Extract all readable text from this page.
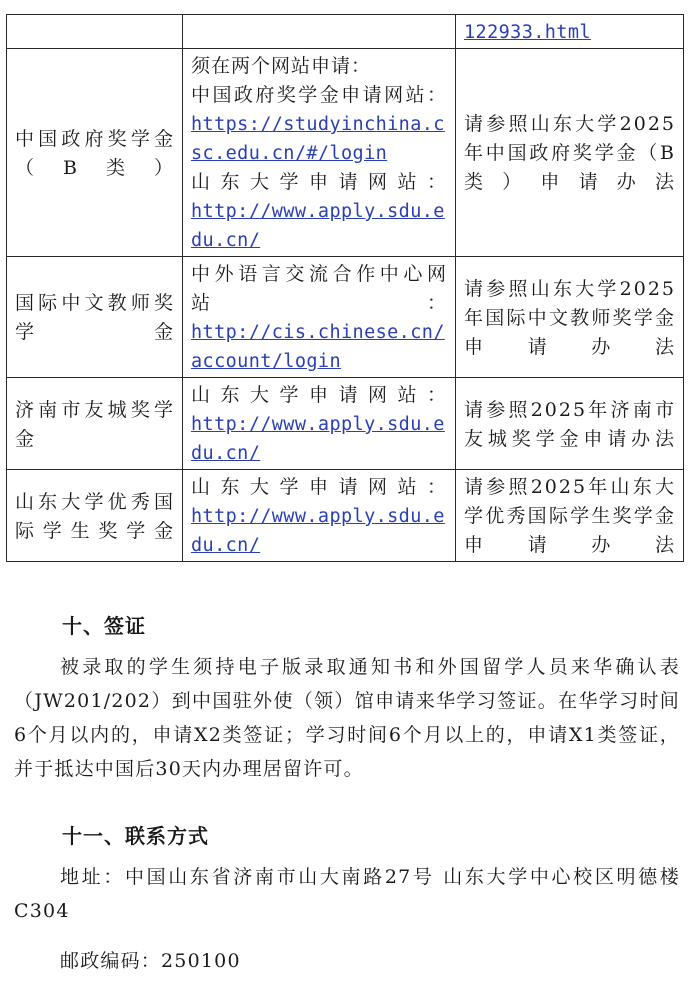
		122933.html

中国政府奖学金（B类）	须在两个网站申请：
中国政府奖学金申请网站：
https://studyinchina.csc.edu.cn/#/login
山东大学申请网站：
http://www.apply.sdu.edu.cn/	请参照山东大学2025年中国政府奖学金（B类）申请办法

国际中文教师奖学金	中外语言交流合作中心网站：
http://cis.chinese.cn/account/login	请参照山东大学2025年国际中文教师奖学金申请办法

济南市友城奖学金	山东大学申请网站：
http://www.apply.sdu.edu.cn/	请参照2025年济南市友城奖学金申请办法

山东大学优秀国际学生奖学金	山东大学申请网站：
http://www.apply.sdu.edu.cn/	请参照2025年山东大学优秀国际学生奖学金申请办法
十、签证
被录取的学生须持电子版录取通知书和外国留学人员来华确认表（JW201/202）到中国驻外使（领）馆申请来华学习签证。在华学习时间6个月以内的，申请X2类签证；学习时间6个月以上的，申请X1类签证，并于抵达中国后30天内办理居留许可。
十一、联系方式
地址：中国山东省济南市山大南路27号 山东大学中心校区明德楼C304
邮政编码：250100
